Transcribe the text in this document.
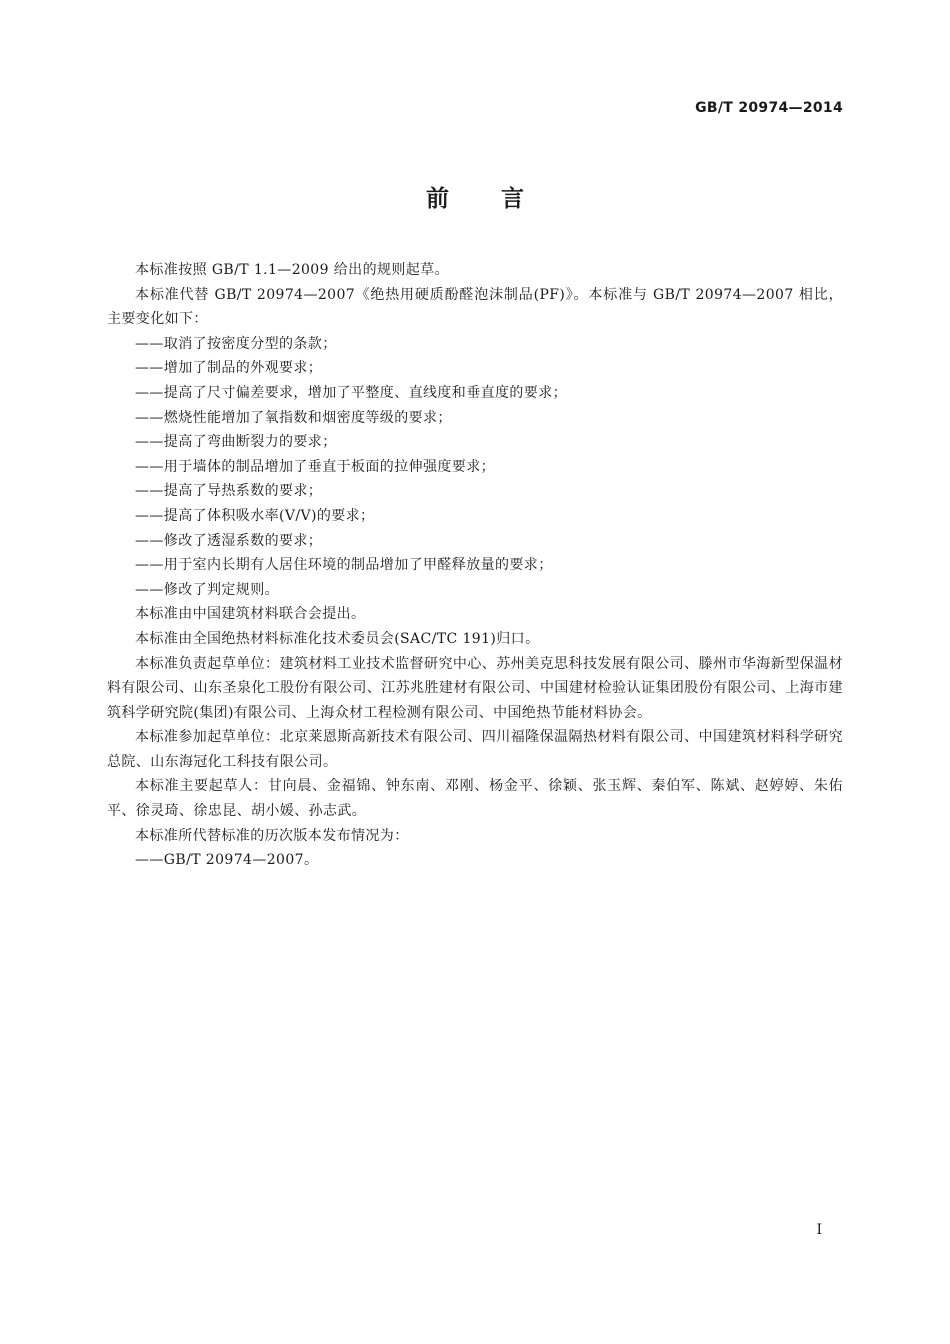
GB/T 20974—2014
前言

本标准按照 GB/T 1.1—2009 给出的规则起草。

本标准代替 GB/T 20974—2007《绝热用硬质酚醛泡沫制品(PF)》。本标准与 GB/T 20974—2007 相比，主要变化如下：

——取消了按密度分型的条款；

——增加了制品的外观要求；

——提高了尺寸偏差要求，增加了平整度、直线度和垂直度的要求；

——燃烧性能增加了氧指数和烟密度等级的要求；

——提高了弯曲断裂力的要求；

——用于墙体的制品增加了垂直于板面的拉伸强度要求；

——提高了导热系数的要求；

——提高了体积吸水率(V/V)的要求；

——修改了透湿系数的要求；

——用于室内长期有人居住环境的制品增加了甲醛释放量的要求；

——修改了判定规则。

本标准由中国建筑材料联合会提出。

本标准由全国绝热材料标准化技术委员会(SAC/TC 191)归口。

本标准负责起草单位：建筑材料工业技术监督研究中心、苏州美克思科技发展有限公司、滕州市华海新型保温材料有限公司、山东圣泉化工股份有限公司、江苏兆胜建材有限公司、中国建材检验认证集团股份有限公司、上海市建筑科学研究院(集团)有限公司、上海众材工程检测有限公司、中国绝热节能材料协会。

本标准参加起草单位：北京莱恩斯高新技术有限公司、四川福隆保温隔热材料有限公司、中国建筑材料科学研究总院、山东海冠化工科技有限公司。

本标准主要起草人：甘向晨、金福锦、钟东南、邓刚、杨金平、徐颖、张玉辉、秦伯军、陈斌、赵婷婷、朱佑平、徐灵琦、徐忠昆、胡小媛、孙志武。

本标准所代替标准的历次版本发布情况为：

——GB/T 20974—2007。

I
